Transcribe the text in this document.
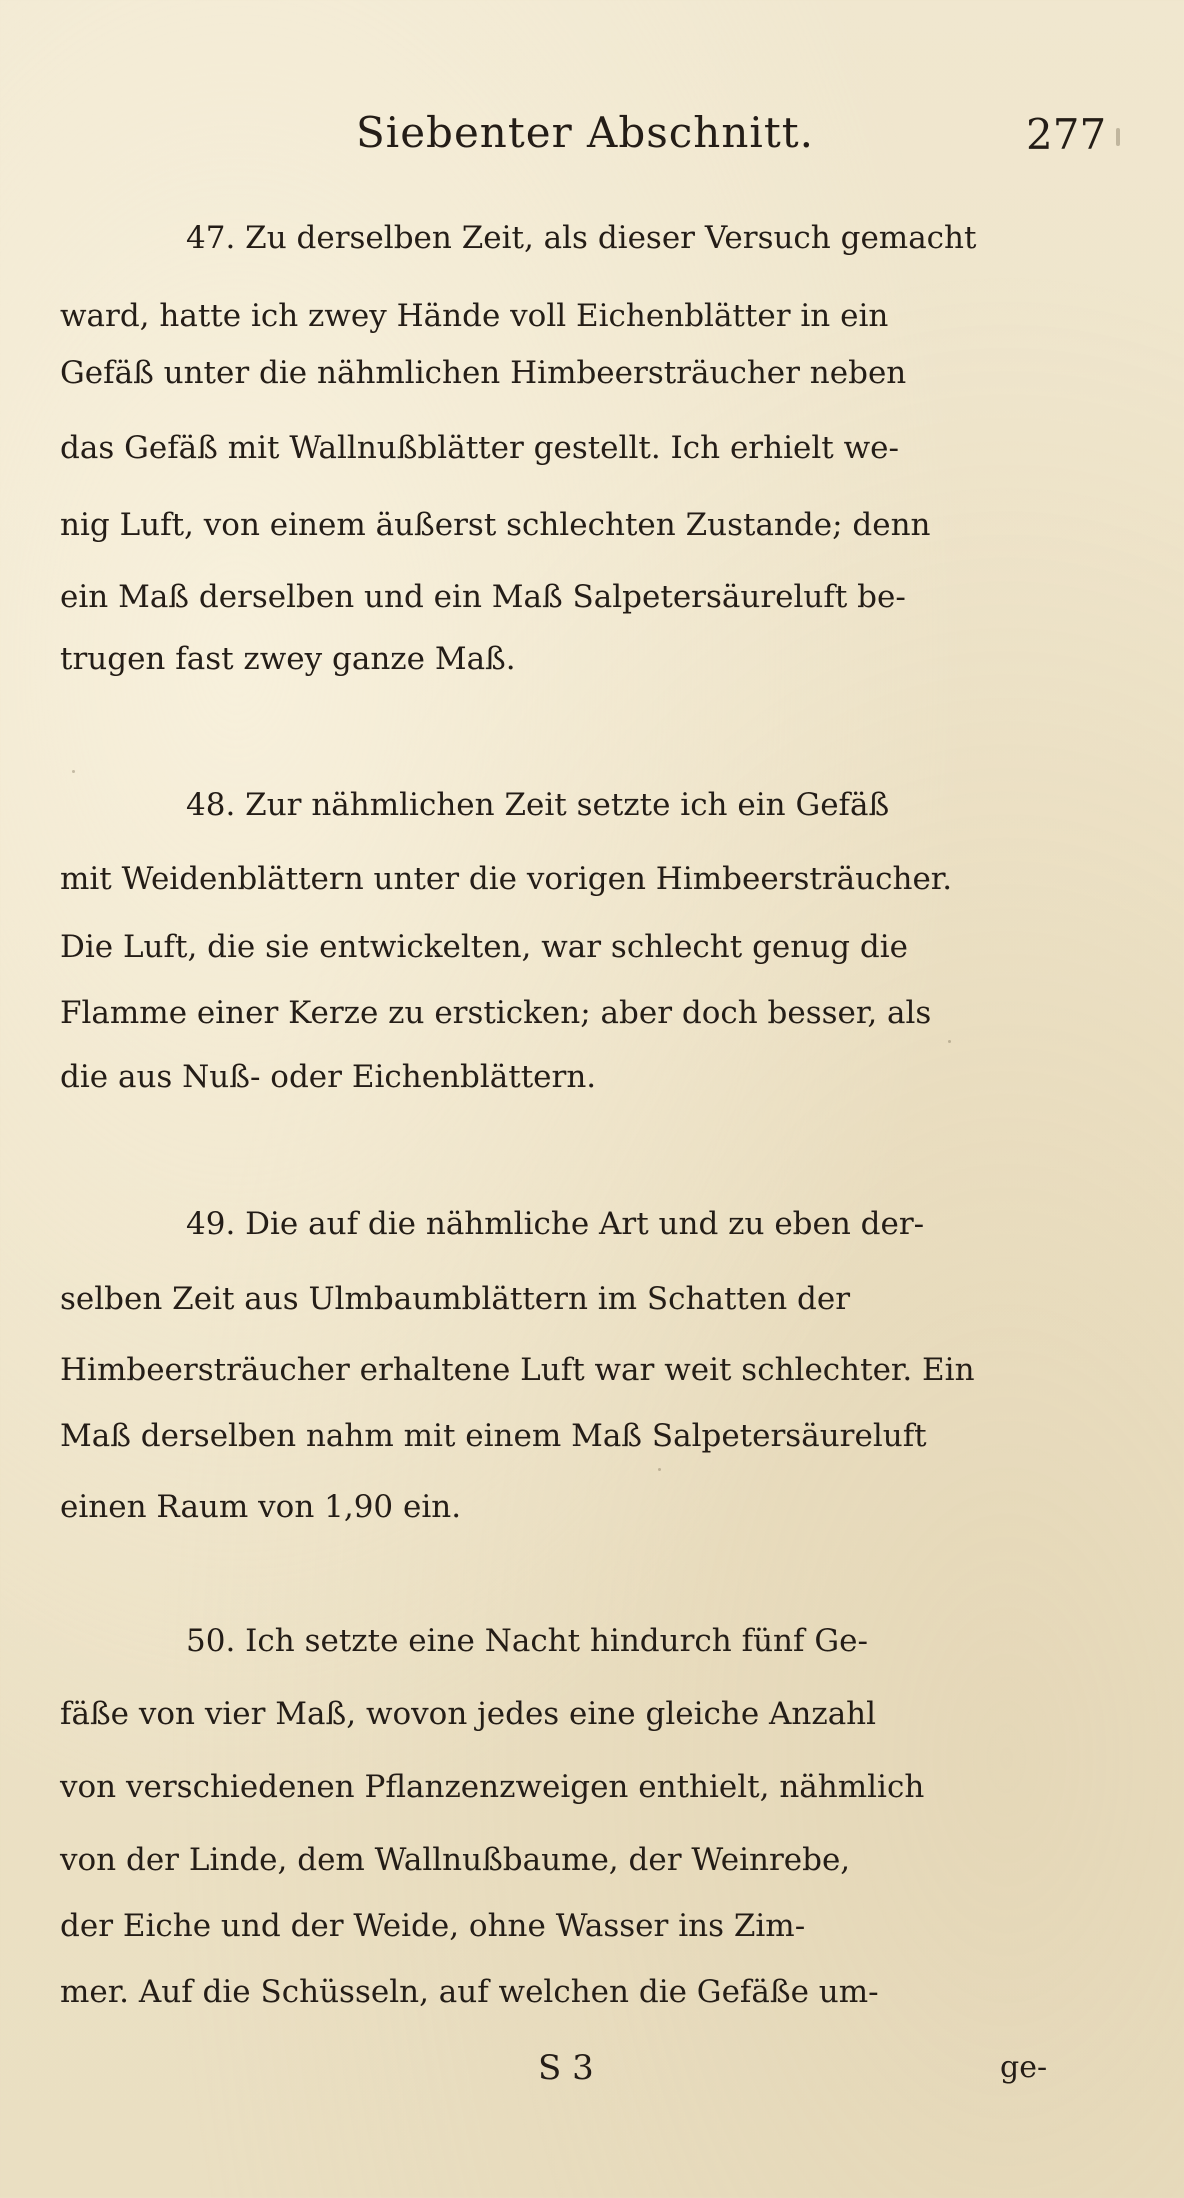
Siebenter Abschnitt.	277
47. Zu derselben Zeit, als dieser Versuch gemacht
ward, hatte ich zwey Hände voll Eichenblätter in ein
Gefäß unter die nähmlichen Himbeersträucher neben
das Gefäß mit Wallnußblätter gestellt. Ich erhielt we-
nig Luft, von einem äußerst schlechten Zustande; denn
ein Maß derselben und ein Maß Salpetersäureluft be-
trugen fast zwey ganze Maß.
48. Zur nähmlichen Zeit setzte ich ein Gefäß
mit Weidenblättern unter die vorigen Himbeersträucher.
Die Luft, die sie entwickelten, war schlecht genug die
Flamme einer Kerze zu ersticken; aber doch besser, als
die aus Nuß- oder Eichenblättern.
49. Die auf die nähmliche Art und zu eben der-
selben Zeit aus Ulmbaumblättern im Schatten der
Himbeersträucher erhaltene Luft war weit schlechter. Ein
Maß derselben nahm mit einem Maß Salpetersäureluft
einen Raum von 1,90 ein.
50. Ich setzte eine Nacht hindurch fünf Ge-
fäße von vier Maß, wovon jedes eine gleiche Anzahl
von verschiedenen Pflanzenzweigen enthielt, nähmlich
von der Linde, dem Wallnußbaume, der Weinrebe,
der Eiche und der Weide, ohne Wasser ins Zim-
mer. Auf die Schüsseln, auf welchen die Gefäße um-
S 3	ge-
